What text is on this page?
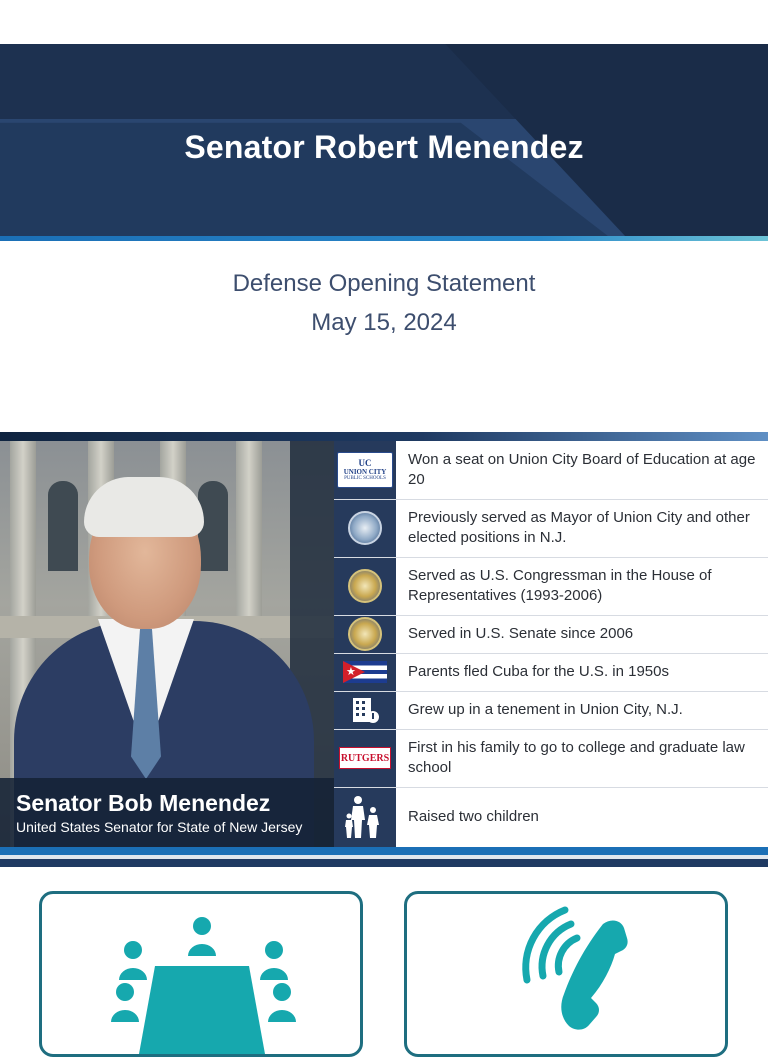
Senator Robert Menendez
Defense Opening Statement
May 15, 2024
Senator Bob Menendez
United States Senator for State of New Jersey
UC
UNION CITY
PUBLIC SCHOOLS
Won a seat on Union City Board of Education at age 20
Previously served as Mayor of Union City and other elected positions in N.J.
Served as U.S. Congressman in the House of Representatives (1993-2006)
Served in U.S. Senate since 2006
★	Parents fled Cuba for the U.S. in 1950s
Grew up in a tenement in Union City, N.J.
RUTGERS
First in his family to go to college and graduate law school
Raised two children
